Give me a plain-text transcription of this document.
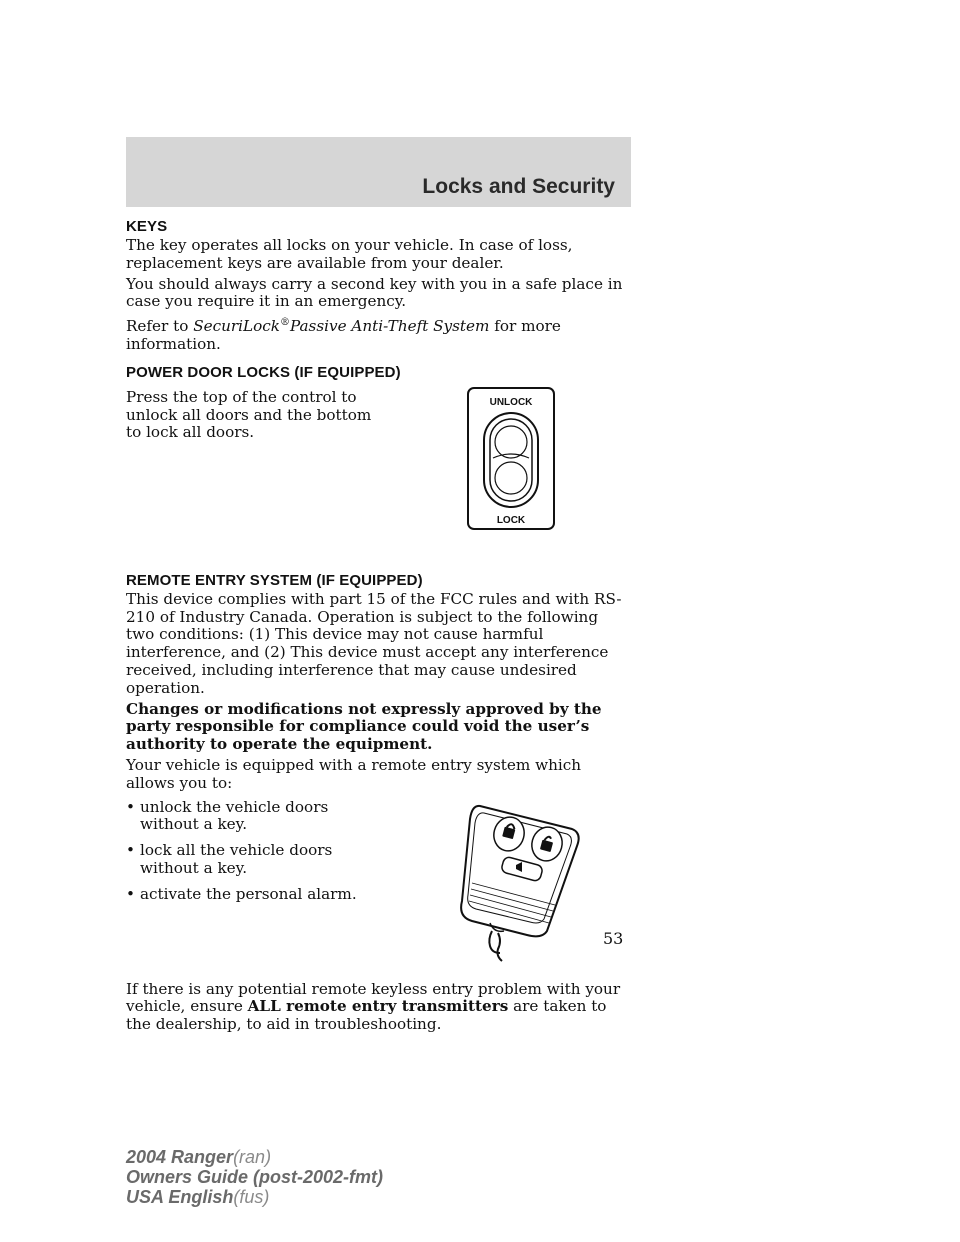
Locks and Security
KEYS

The key operates all locks on your vehicle. In case of loss, replacement keys are available from your dealer.

You should always carry a second key with you in a safe place in case you require it in an emergency.

Refer to SecuriLock®Passive Anti-Theft System for more information.

POWER DOOR LOCKS (IF EQUIPPED)

Press the top of the control to unlock all doors and the bottom to lock all doors.

UNLOCK
LOCK
REMOTE ENTRY SYSTEM (IF EQUIPPED)

This device complies with part 15 of the FCC rules and with RS-210 of Industry Canada. Operation is subject to the following two conditions: (1) This device may not cause harmful interference, and (2) This device must accept any interference received, including interference that may cause undesired operation.

Changes or modifications not expressly approved by the party responsible for compliance could void the user’s authority to operate the equipment.

Your vehicle is equipped with a remote entry system which allows you to:

• unlock the vehicle doors without a key.
• lock all the vehicle doors without a key.
• activate the personal alarm.

If there is any potential remote keyless entry problem with your vehicle, ensure ALL remote entry transmitters are taken to the dealership, to aid in troubleshooting.

53
2004 Ranger(ran)
Owners Guide (post-2002-fmt)
USA English(fus)
